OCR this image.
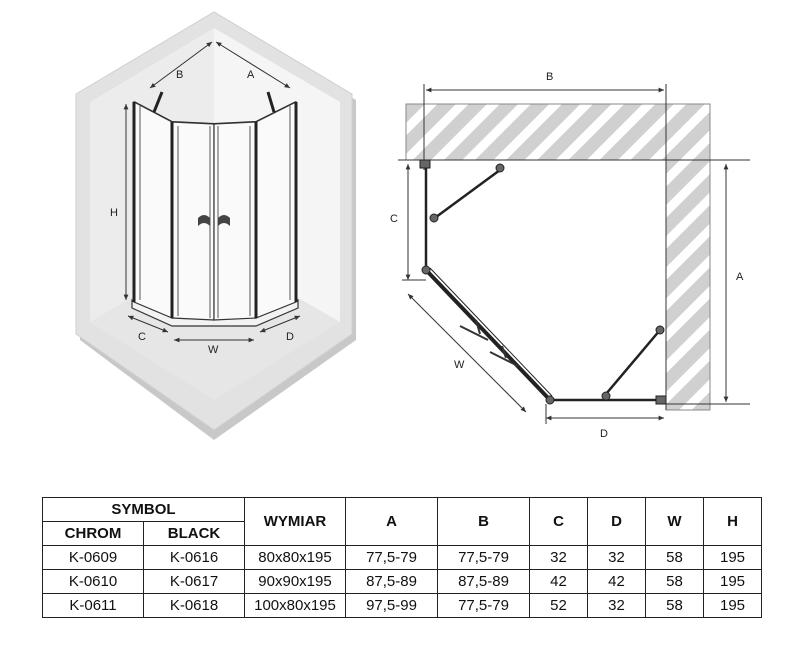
B	A
H
C
W
D
B
A
C
W
D
SYMBOL		WYMIAR	A	B	C	D	W	H
CHROM	BLACK							
K-0609	K-0616	80x80x195	77,5-79	77,5-79	32	32	58	195
K-0610	K-0617	90x90x195	87,5-89	87,5-89	42	42	58	195
K-0611	K-0618	100x80x195	97,5-99	77,5-79	52	32	58	195
